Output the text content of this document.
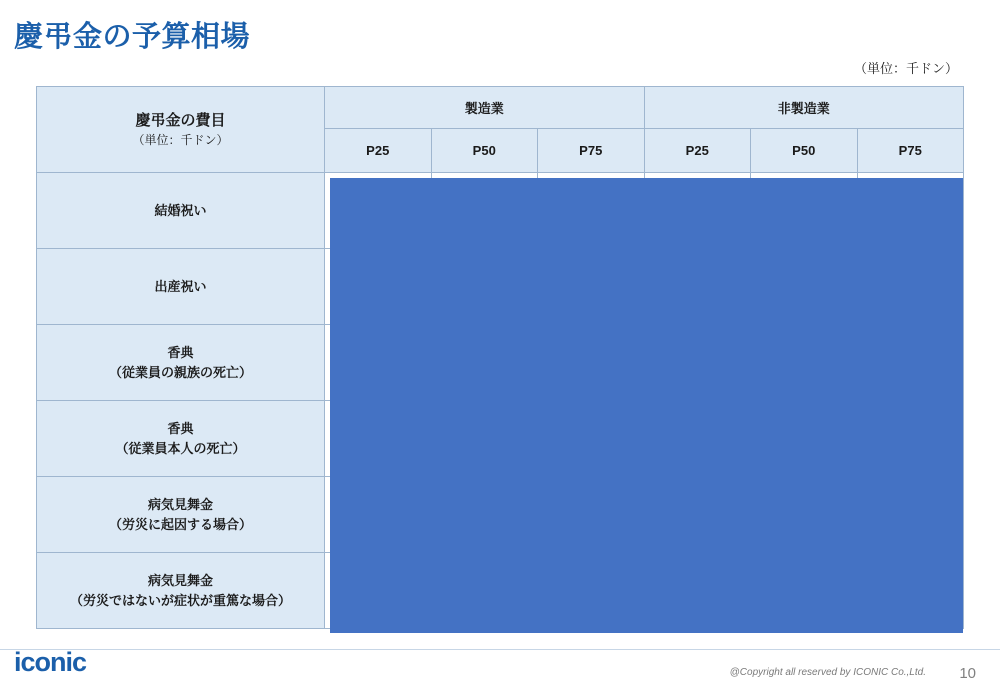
慶弔金の予算相場
（単位：千ドン）
慶弔金の費目
（単位：千ドン）	製造業			非製造業		
	P25	P50	P75	P25	P50	P75

結婚祝い						

出産祝い						

香典
（従業員の親族の死亡）						

香典
（従業員本人の死亡）						

病気見舞金
（労災に起因する場合）						

病気見舞金
（労災ではないが症状が重篤な場合）						

iconic	@Copyright all reserved by ICONIC Co.,Ltd. 10
